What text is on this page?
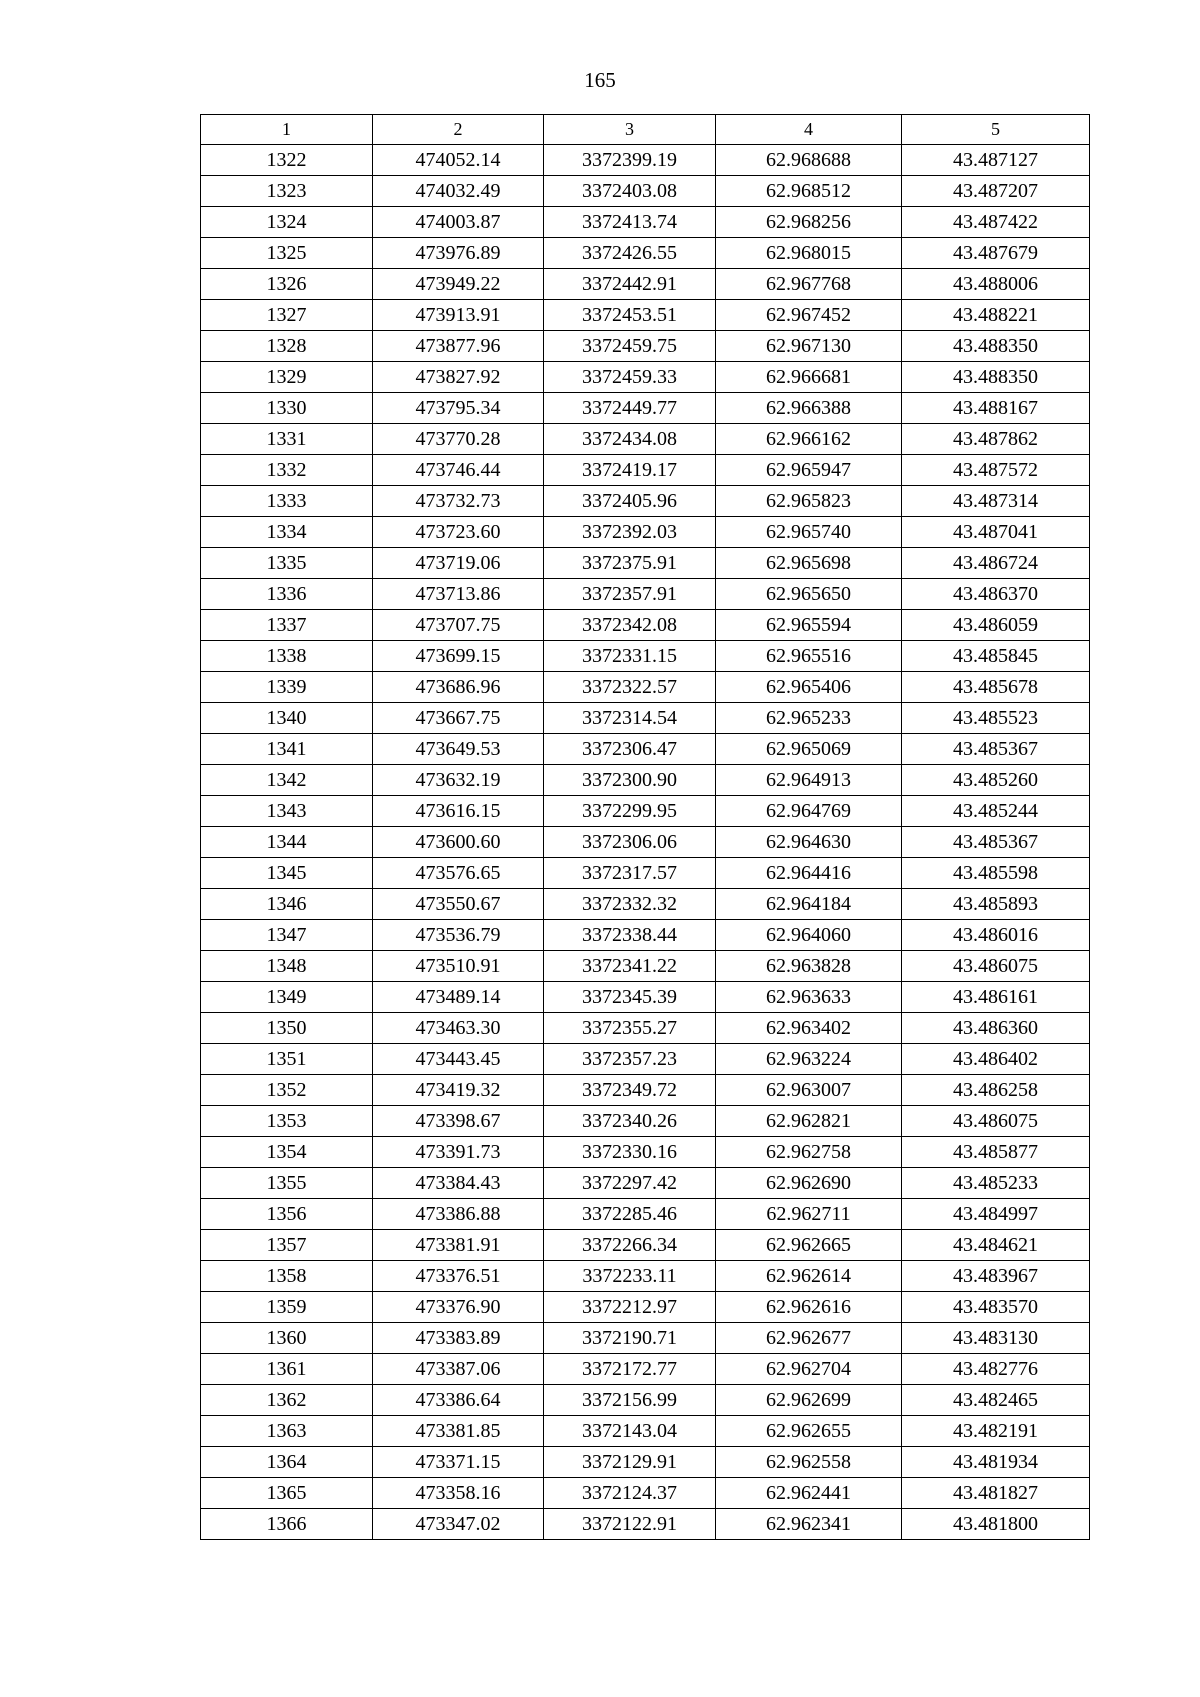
165
1	2	3	4	5
1322	474052.14	3372399.19	62.968688	43.487127
1323	474032.49	3372403.08	62.968512	43.487207
1324	474003.87	3372413.74	62.968256	43.487422
1325	473976.89	3372426.55	62.968015	43.487679
1326	473949.22	3372442.91	62.967768	43.488006
1327	473913.91	3372453.51	62.967452	43.488221
1328	473877.96	3372459.75	62.967130	43.488350
1329	473827.92	3372459.33	62.966681	43.488350
1330	473795.34	3372449.77	62.966388	43.488167
1331	473770.28	3372434.08	62.966162	43.487862
1332	473746.44	3372419.17	62.965947	43.487572
1333	473732.73	3372405.96	62.965823	43.487314
1334	473723.60	3372392.03	62.965740	43.487041
1335	473719.06	3372375.91	62.965698	43.486724
1336	473713.86	3372357.91	62.965650	43.486370
1337	473707.75	3372342.08	62.965594	43.486059
1338	473699.15	3372331.15	62.965516	43.485845
1339	473686.96	3372322.57	62.965406	43.485678
1340	473667.75	3372314.54	62.965233	43.485523
1341	473649.53	3372306.47	62.965069	43.485367
1342	473632.19	3372300.90	62.964913	43.485260
1343	473616.15	3372299.95	62.964769	43.485244
1344	473600.60	3372306.06	62.964630	43.485367
1345	473576.65	3372317.57	62.964416	43.485598
1346	473550.67	3372332.32	62.964184	43.485893
1347	473536.79	3372338.44	62.964060	43.486016
1348	473510.91	3372341.22	62.963828	43.486075
1349	473489.14	3372345.39	62.963633	43.486161
1350	473463.30	3372355.27	62.963402	43.486360
1351	473443.45	3372357.23	62.963224	43.486402
1352	473419.32	3372349.72	62.963007	43.486258
1353	473398.67	3372340.26	62.962821	43.486075
1354	473391.73	3372330.16	62.962758	43.485877
1355	473384.43	3372297.42	62.962690	43.485233
1356	473386.88	3372285.46	62.962711	43.484997
1357	473381.91	3372266.34	62.962665	43.484621
1358	473376.51	3372233.11	62.962614	43.483967
1359	473376.90	3372212.97	62.962616	43.483570
1360	473383.89	3372190.71	62.962677	43.483130
1361	473387.06	3372172.77	62.962704	43.482776
1362	473386.64	3372156.99	62.962699	43.482465
1363	473381.85	3372143.04	62.962655	43.482191
1364	473371.15	3372129.91	62.962558	43.481934
1365	473358.16	3372124.37	62.962441	43.481827
1366	473347.02	3372122.91	62.962341	43.481800
